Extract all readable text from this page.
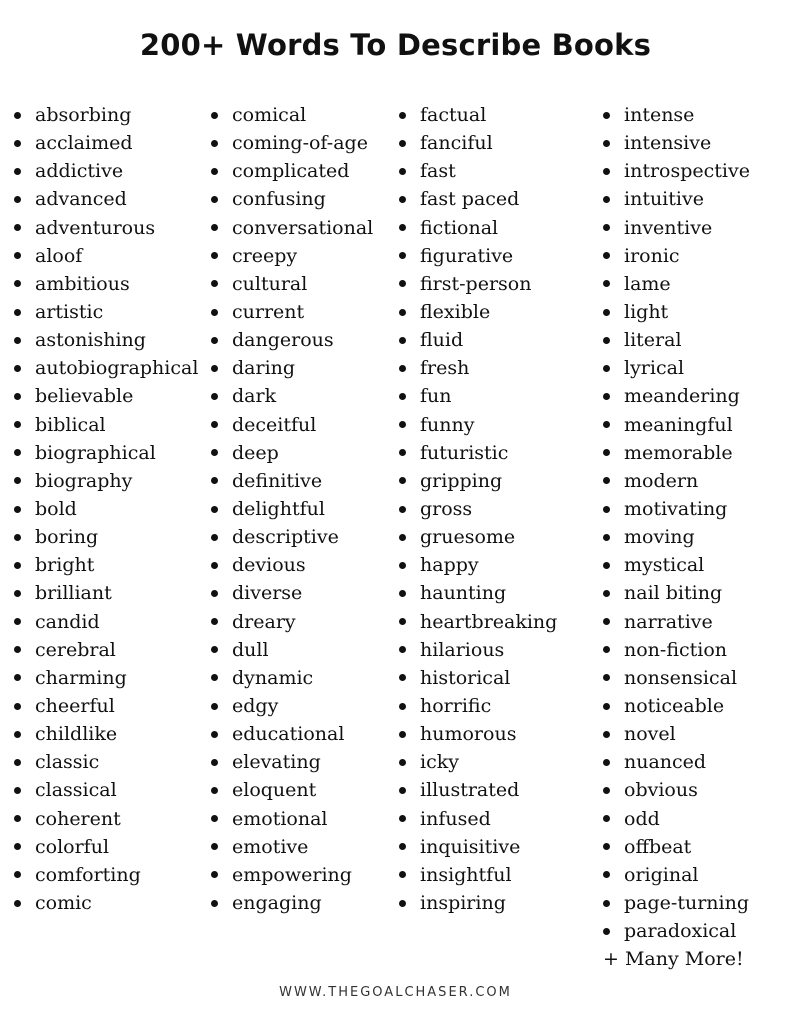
200+ Words To Describe Books
absorbing
acclaimed
addictive
advanced
adventurous
aloof
ambitious
artistic
astonishing
autobiographical
believable
biblical
biographical
biography
bold
boring
bright
brilliant
candid
cerebral
charming
cheerful
childlike
classic
classical
coherent
colorful
comforting
comic
comical
coming-of-age
complicated
confusing
conversational
creepy
cultural
current
dangerous
daring
dark
deceitful
deep
definitive
delightful
descriptive
devious
diverse
dreary
dull
dynamic
edgy
educational
elevating
eloquent
emotional
emotive
empowering
engaging
factual
fanciful
fast
fast paced
fictional
figurative
first-person
flexible
fluid
fresh
fun
funny
futuristic
gripping
gross
gruesome
happy
haunting
heartbreaking
hilarious
historical
horrific
humorous
icky
illustrated
infused
inquisitive
insightful
inspiring
intense
intensive
introspective
intuitive
inventive
ironic
lame
light
literal
lyrical
meandering
meaningful
memorable
modern
motivating
moving
mystical
nail biting
narrative
non-fiction
nonsensical
noticeable
novel
nuanced
obvious
odd
offbeat
original
page-turning
paradoxical
+ Many More!
WWW.THEGOALCHASER.COM
